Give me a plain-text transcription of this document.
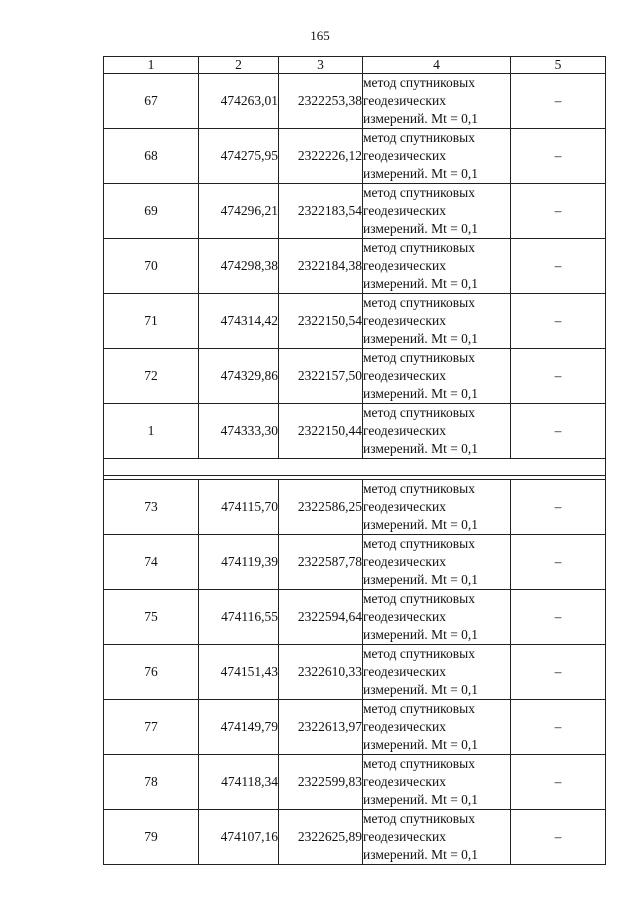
165
1	2	3	4	5
67	474263,01	2322253,38	метод спутниковых
геодезических
измерений. Mt = 0,1	–
68	474275,95	2322226,12	метод спутниковых
геодезических
измерений. Mt = 0,1	–
69	474296,21	2322183,54	метод спутниковых
геодезических
измерений. Mt = 0,1	–
70	474298,38	2322184,38	метод спутниковых
геодезических
измерений. Mt = 0,1	–
71	474314,42	2322150,54	метод спутниковых
геодезических
измерений. Mt = 0,1	–
72	474329,86	2322157,50	метод спутниковых
геодезических
измерений. Mt = 0,1	–
1	474333,30	2322150,44	метод спутниковых
геодезических
измерений. Mt = 0,1	–

73	474115,70	2322586,25	метод спутниковых
геодезических
измерений. Mt = 0,1	–
74	474119,39	2322587,78	метод спутниковых
геодезических
измерений. Mt = 0,1	–
75	474116,55	2322594,64	метод спутниковых
геодезических
измерений. Mt = 0,1	–
76	474151,43	2322610,33	метод спутниковых
геодезических
измерений. Mt = 0,1	–
77	474149,79	2322613,97	метод спутниковых
геодезических
измерений. Mt = 0,1	–
78	474118,34	2322599,83	метод спутниковых
геодезических
измерений. Mt = 0,1	–
79	474107,16	2322625,89	метод спутниковых
геодезических
измерений. Mt = 0,1	–
